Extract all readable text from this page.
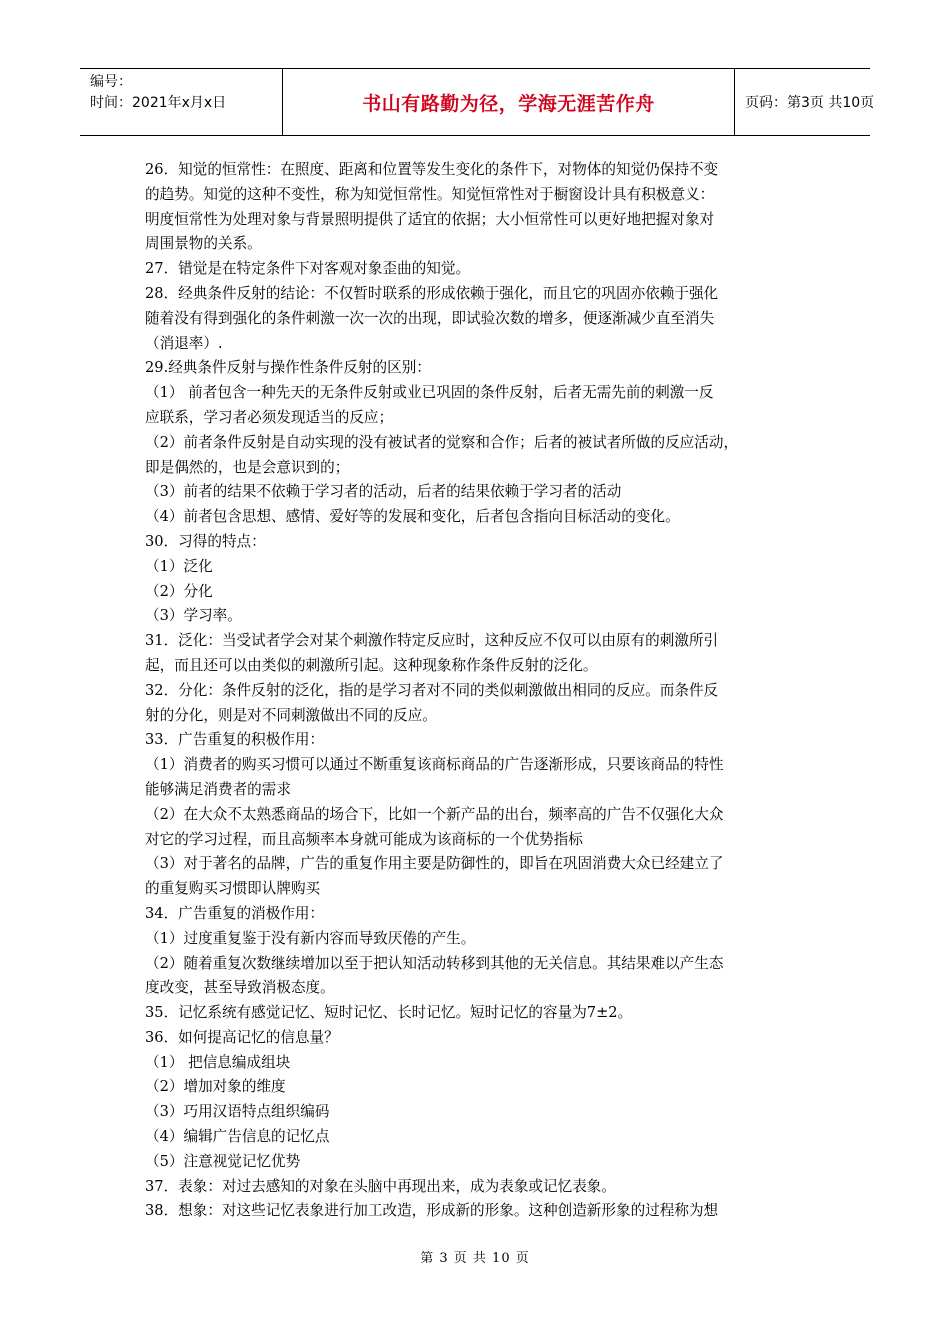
编号：
时间：2021年x月x日	书山有路勤为径，学海无涯苦作舟	页码：第3页 共10页
26．知觉的恒常性：在照度、距离和位置等发生变化的条件下，对物体的知觉仍保持不变
的趋势。知觉的这种不变性，称为知觉恒常性。知觉恒常性对于橱窗设计具有积极意义：
明度恒常性为处理对象与背景照明提供了适宜的依据；大小恒常性可以更好地把握对象对
周围景物的关系。
27．错觉是在特定条件下对客观对象歪曲的知觉。
28．经典条件反射的结论：不仅暂时联系的形成依赖于强化，而且它的巩固亦依赖于强化
随着没有得到强化的条件刺激一次一次的出现，即试验次数的增多，便逐渐减少直至消失
（消退率）.
29.经典条件反射与操作性条件反射的区别：
（1） 前者包含一种先天的无条件反射或业已巩固的条件反射，后者无需先前的刺激一反
应联系，学习者必须发现适当的反应；
（2）前者条件反射是自动实现的没有被试者的觉察和合作；后者的被试者所做的反应活动，
即是偶然的，也是会意识到的；
（3）前者的结果不依赖于学习者的活动，后者的结果依赖于学习者的活动
（4）前者包含思想、感情、爱好等的发展和变化，后者包含指向目标活动的变化。
30．习得的特点：
（1）泛化
（2）分化
（3）学习率。
31．泛化：当受试者学会对某个刺激作特定反应时，这种反应不仅可以由原有的刺激所引
起，而且还可以由类似的刺激所引起。这种现象称作条件反射的泛化。
32．分化：条件反射的泛化，指的是学习者对不同的类似刺激做出相同的反应。而条件反
射的分化，则是对不同刺激做出不同的反应。
33．广告重复的积极作用：
（1）消费者的购买习惯可以通过不断重复该商标商品的广告逐渐形成，只要该商品的特性
能够满足消费者的需求
（2）在大众不太熟悉商品的场合下，比如一个新产品的出台，频率高的广告不仅强化大众
对它的学习过程，而且高频率本身就可能成为该商标的一个优势指标
（3）对于著名的品牌，广告的重复作用主要是防御性的，即旨在巩固消费大众已经建立了
的重复购买习惯即认牌购买
34．广告重复的消极作用：
（1）过度重复鉴于没有新内容而导致厌倦的产生。
（2）随着重复次数继续增加以至于把认知活动转移到其他的无关信息。其结果难以产生态
度改变，甚至导致消极态度。
35．记忆系统有感觉记忆、短时记忆、长时记忆。短时记忆的容量为7±2。
36．如何提高记忆的信息量？
（1） 把信息编成组块
（2）增加对象的维度
（3）巧用汉语特点组织编码
（4）编辑广告信息的记忆点
（5）注意视觉记忆优势
37．表象：对过去感知的对象在头脑中再现出来，成为表象或记忆表象。
38．想象：对这些记忆表象进行加工改造，形成新的形象。这种创造新形象的过程称为想
第 3 页 共 10 页
